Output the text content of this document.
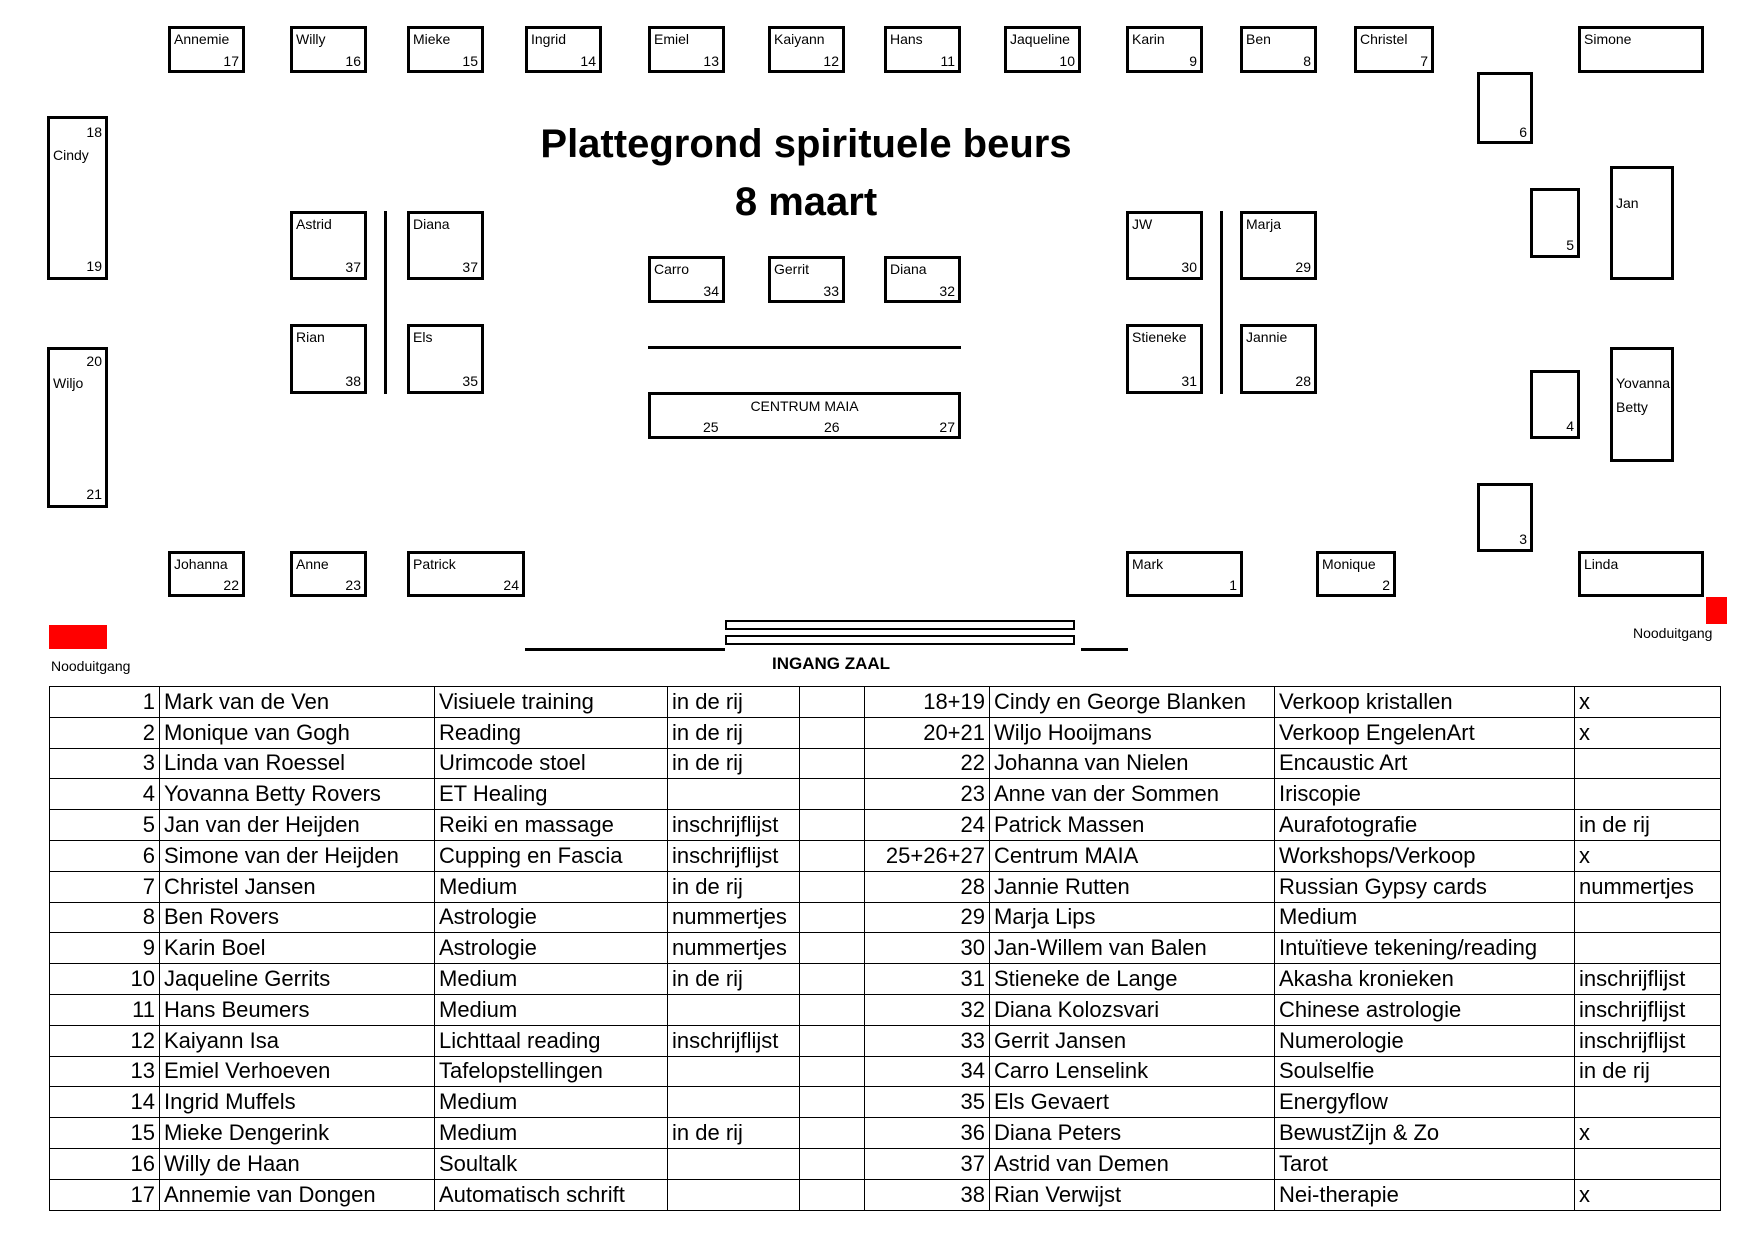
Plattegrond spirituele beurs
8 maart
Annemie
17
Willy
16
Mieke
15
Ingrid
14
Emiel
13
Kaiyann
12
Hans
11
Jaqueline
10
Karin
9
Ben
8
Christel
7
Simone
6
18
Cindy
19
20
Wiljo
21
Astrid
37
Diana
37
Rian
38
Els
35
Carro
34
Gerrit
33
Diana
32
CENTRUM MAIA
25	26	27
JW
30
Marja
29
Stieneke
31
Jannie
28
5
Jan
4
Yovanna
Betty
3
Johanna
22
Anne
23
Patrick
24
Mark
1
Monique
2
Linda
INGANG ZAAL
Nooduitgang
Nooduitgang
1	Mark van de Ven	Visiuele training	in de rij		18+19	Cindy en George Blanken	Verkoop kristallen	x
2	Monique van Gogh	Reading	in de rij		20+21	Wiljo Hooijmans	Verkoop EngelenArt	x
3	Linda van Roessel	Urimcode stoel	in de rij		22	Johanna van Nielen	Encaustic Art	
4	Yovanna Betty Rovers	ET Healing			23	Anne van der Sommen	Iriscopie	
5	Jan van der Heijden	Reiki en massage	inschrijflijst		24	Patrick Massen	Aurafotografie	in de rij
6	Simone van der Heijden	Cupping en Fascia	inschrijflijst		25+26+27	Centrum MAIA	Workshops/Verkoop	x
7	Christel Jansen	Medium	in de rij		28	Jannie Rutten	Russian Gypsy cards	nummertjes
8	Ben Rovers	Astrologie	nummertjes		29	Marja Lips	Medium	
9	Karin Boel	Astrologie	nummertjes		30	Jan-Willem van Balen	Intuïtieve tekening/reading	
10	Jaqueline Gerrits	Medium	in de rij		31	Stieneke de Lange	Akasha kronieken	inschrijflijst
11	Hans Beumers	Medium			32	Diana Kolozsvari	Chinese astrologie	inschrijflijst
12	Kaiyann Isa	Lichttaal reading	inschrijflijst		33	Gerrit Jansen	Numerologie	inschrijflijst
13	Emiel Verhoeven	Tafelopstellingen			34	Carro Lenselink	Soulselfie	in de rij
14	Ingrid Muffels	Medium			35	Els Gevaert	Energyflow	
15	Mieke Dengerink	Medium	in de rij		36	Diana Peters	BewustZijn & Zo	x
16	Willy de Haan	Soultalk			37	Astrid van Demen	Tarot	
17	Annemie van Dongen	Automatisch schrift			38	Rian Verwijst	Nei-therapie	x
